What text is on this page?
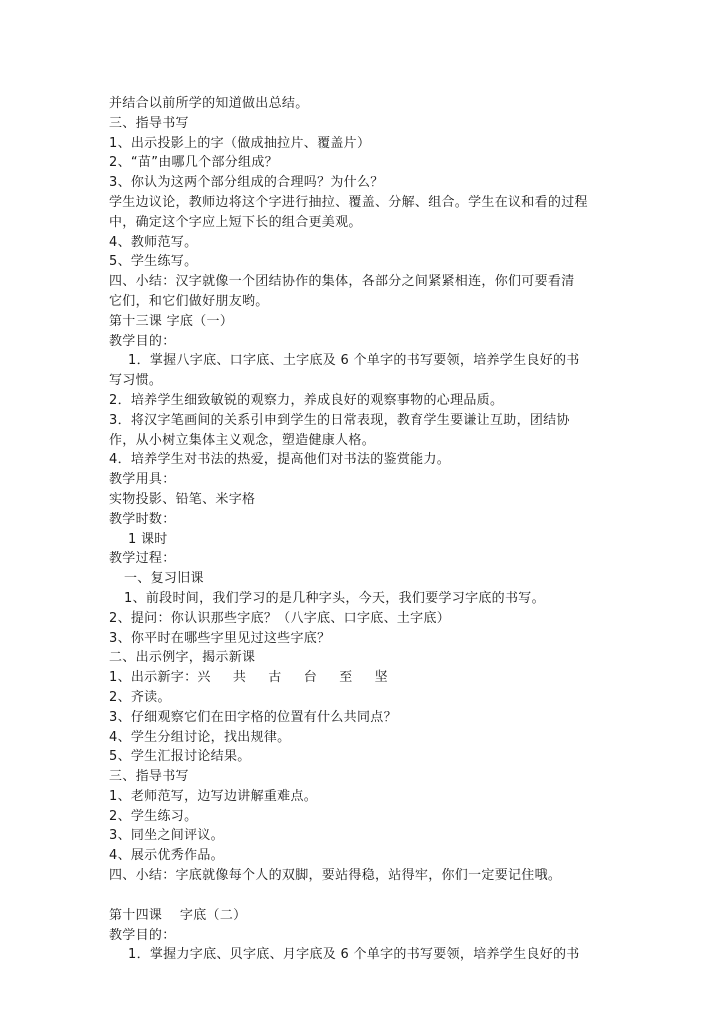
并结合以前所学的知道做出总结。
三、指导书写
1、出示投影上的字（做成抽拉片、覆盖片）
2、“苗”由哪几个部分组成？
3、你认为这两个部分组成的合理吗？为什么？
学生边议论，教师边将这个字进行抽拉、覆盖、分解、组合。学生在议和看的过程
中，确定这个字应上短下长的组合更美观。
4、教师范写。
5、学生练写。
四、小结：汉字就像一个团结协作的集体，各部分之间紧紧相连，你们可要看清
它们，和它们做好朋友哟。
第十三课 字底（一）
教学目的：
1．掌握八字底、口字底、土字底及 6 个单字的书写要领，培养学生良好的书
写习惯。
2．培养学生细致敏锐的观察力，养成良好的观察事物的心理品质。
3．将汉字笔画间的关系引申到学生的日常表现，教育学生要谦让互助，团结协
作，从小树立集体主义观念，塑造健康人格。
4．培养学生对书法的热爱，提高他们对书法的鉴赏能力。
教学用具：
实物投影、铅笔、米字格
教学时数：
1 课时
教学过程：
一、复习旧课
1、前段时间，我们学习的是几种字头，今天，我们要学习字底的书写。
2、提问：你认识那些字底？（八字底、口字底、土字底）
3、你平时在哪些字里见过这些字底？
二、出示例字，揭示新课
1、出示新字：兴     共     古     台     至     坚
2、齐读。
3、仔细观察它们在田字格的位置有什么共同点？
4、学生分组讨论，找出规律。
5、学生汇报讨论结果。
三、指导书写
1、老师范写，边写边讲解重难点。
2、学生练习。
3、同坐之间评议。
4、展示优秀作品。
四、小结：字底就像每个人的双脚，要站得稳，站得牢，你们一定要记住哦。
第十四课    字底（二）
教学目的：
1．掌握力字底、贝字底、月字底及 6 个单字的书写要领，培养学生良好的书
